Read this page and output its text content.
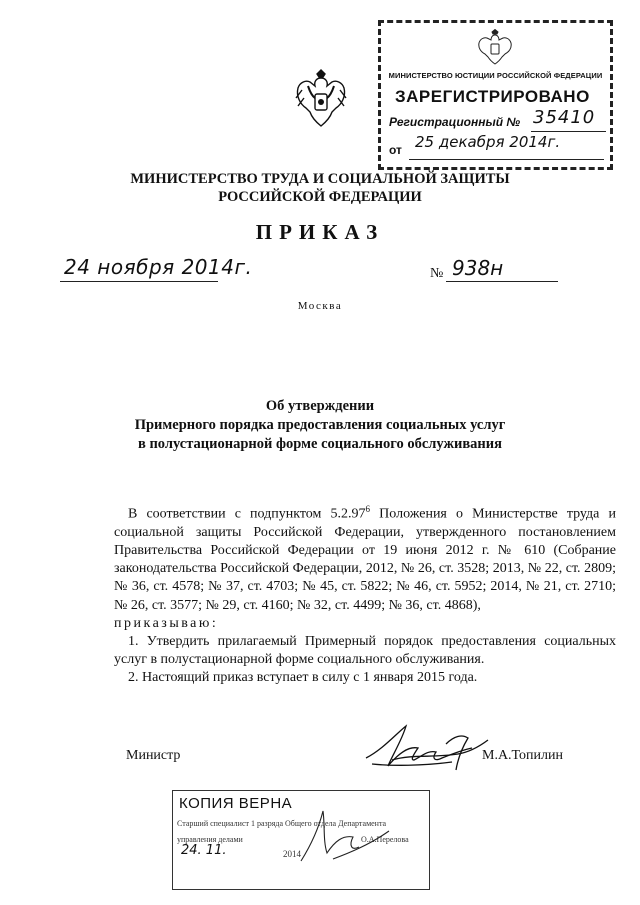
МИНИСТЕРСТВО ЮСТИЦИИ РОССИЙСКОЙ ФЕДЕРАЦИИ
ЗАРЕГИСТРИРОВАНО
Регистрационный № 35410
от 25 декабря 2014г.
МИНИСТЕРСТВО ТРУДА И СОЦИАЛЬНОЙ ЗАЩИТЫ
РОССИЙСКОЙ ФЕДЕРАЦИИ
ПРИКАЗ
24 ноября 2014г.	№ 938н
Москва
Об утверждении
Примерного порядка предоставления социальных услуг
в полустационарной форме социального обслуживания

В соответствии с подпунктом 5.2.97$^6$ Положения о Министерстве труда и социальной защиты Российской Федерации, утвержденного постановлением Правительства Российской Федерации от 19 июня 2012 г. № 610 (Собрание законодательства Российской Федерации, 2012, № 26, ст. 3528; 2013, № 22, ст. 2809; № 36, ст. 4578; № 37, ст. 4703; № 45, ст. 5822; № 46, ст. 5952; 2014, № 21, ст. 2710; № 26, ст. 3577; № 29, ст. 4160; № 32, ст. 4499; № 36, ст. 4868),

приказываю:

1. Утвердить прилагаемый Примерный порядок предоставления социальных услуг в полустационарной форме социального обслуживания.

2. Настоящий приказ вступает в силу с 1 января 2015 года.

Министр	М.А.Топилин
КОПИЯ ВЕРНА
Старший специалист 1 разряда Общего отдела Департамента
управления делами	О.А.Перелова
24. 11.	2014
